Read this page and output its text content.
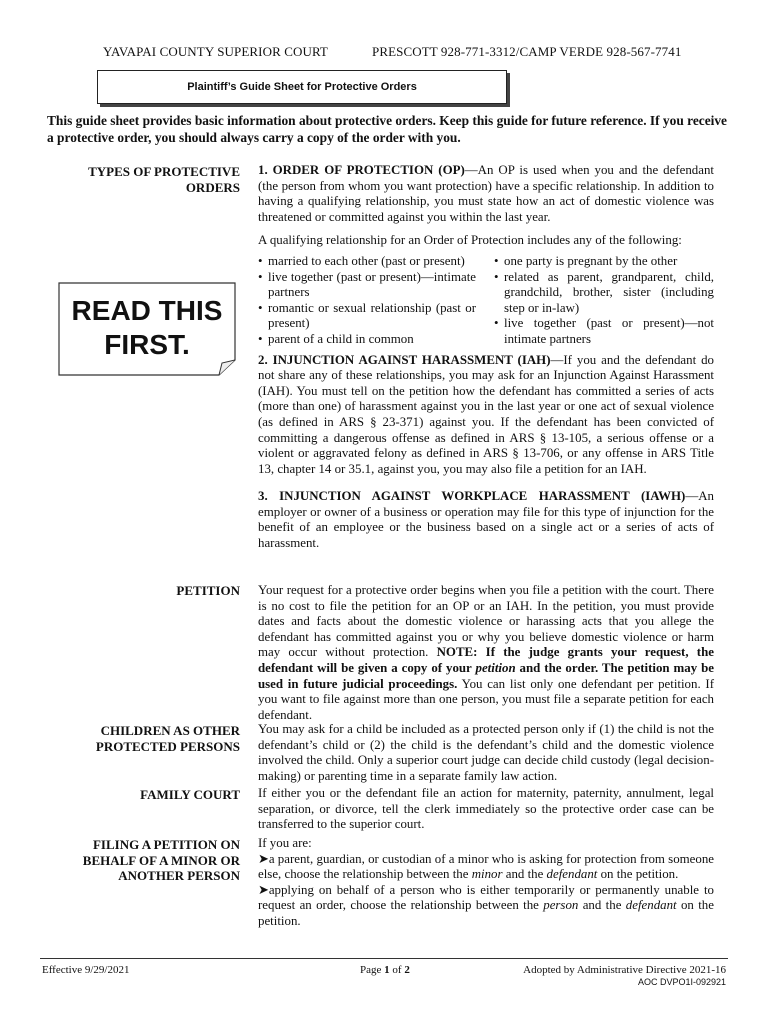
YAVAPAI COUNTY SUPERIOR COURT	PRESCOTT 928-771-3312/CAMP VERDE 928-567-7741
Plaintiff’s Guide Sheet for Protective Orders
This guide sheet provides basic information about protective orders. Keep this guide for future reference. If you receive a protective order, you should always carry a copy of the order with you.
TYPES OF PROTECTIVE ORDERS
1. ORDER OF PROTECTION (OP)—An OP is used when you and the defendant (the person from whom you want protection) have a specific relationship. In addition to having a qualifying relationship, you must state how an act of domestic violence was threatened or committed against you within the last year.
A qualifying relationship for an Order of Protection includes any of the following:
• married to each other (past or present)
• live together (past or present)—intimate partners
• romantic or sexual relationship (past or present)
• parent of a child in common
• one party is pregnant by the other
• related as parent, grandparent, child, grandchild, brother, sister (including step or in-law)
• live together (past or present)—not intimate partners
2. INJUNCTION AGAINST HARASSMENT (IAH)—If you and the defendant do not share any of these relationships, you may ask for an Injunction Against Harassment (IAH). You must tell on the petition how the defendant has committed a series of acts (more than one) of harassment against you in the last year or one act of sexual violence (as defined in ARS § 23-371) against you. If the defendant has been convicted of committing a dangerous offense as defined in ARS § 13-105, a serious offense or a violent or aggravated felony as defined in ARS § 13-706, or any offense in ARS Title 13, chapter 14 or 35.1, against you, you may also file a petition for an IAH.
3. INJUNCTION AGAINST WORKPLACE HARASSMENT (IAWH)—An employer or owner of a business or operation may file for this type of injunction for the benefit of an employee or the business based on a single act or a series of acts of harassment.
READ THIS FIRST.
PETITION Your request for a protective order begins when you file a petition with the court. There is no cost to file the petition for an OP or an IAH. In the petition, you must provide dates and facts about the domestic violence or harassing acts that you allege the defendant has committed against you or why you believe domestic violence or harm may occur without protection. NOTE: If the judge grants your request, the defendant will be given a copy of your petition and the order. The petition may be used in future judicial proceedings. You can list only one defendant per petition. If you want to file against more than one person, you must file a separate petition for each defendant.
CHILDREN AS OTHER PROTECTED PERSONS
You may ask for a child be included as a protected person only if (1) the child is not the defendant’s child or (2) the child is the defendant’s child and the domestic violence involved the child. Only a superior court judge can decide child custody (legal decision-making) or parenting time in a separate family law action.
FAMILY COURT If either you or the defendant file an action for maternity, paternity, annulment, legal separation, or divorce, tell the clerk immediately so the protective order case can be transferred to the superior court.
FILING A PETITION ON BEHALF OF A MINOR OR ANOTHER PERSON
If you are:
➤a parent, guardian, or custodian of a minor who is asking for protection from someone else, choose the relationship between the minor and the defendant on the petition.
➤applying on behalf of a person who is either temporarily or permanently unable to request an order, choose the relationship between the person and the defendant on the petition.
Effective 9/29/2021	Page 1 of 2	Adopted by Administrative Directive 2021-16
AOC DVPO1I-092921
